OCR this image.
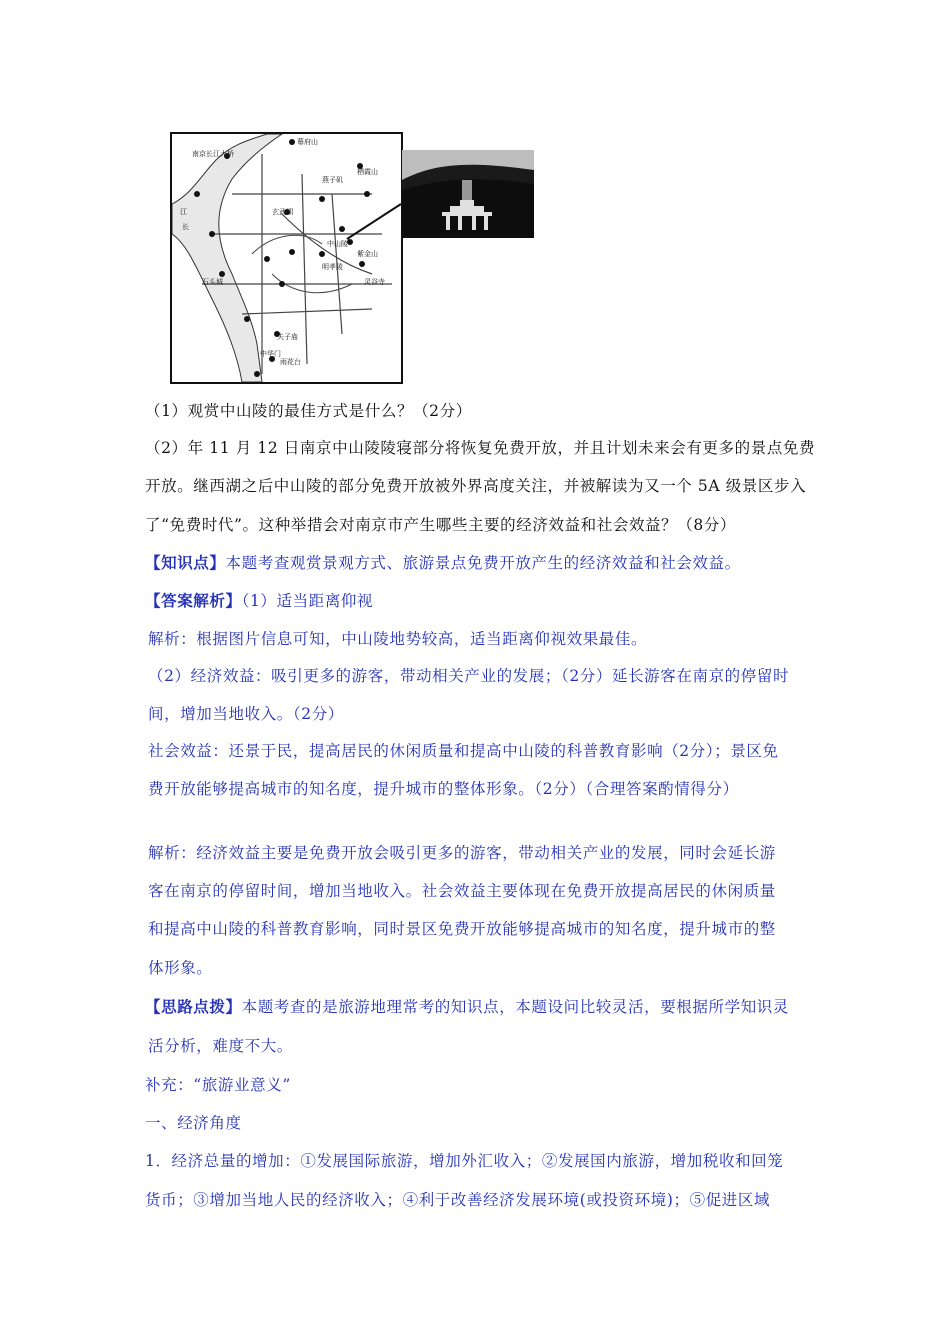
幕府山
燕子矶
南京长江大桥
栖霞山
玄武湖
中山陵
明孝陵
紫金山
雨花台
夫子庙
中华门
江
长
灵谷寺
石头城
（1）观赏中山陵的最佳方式是什么？（2分）
（2）年 11 月 12 日南京中山陵陵寝部分将恢复免费开放，并且计划未来会有更多的景点免费
开放。继西湖之后中山陵的部分免费开放被外界高度关注，并被解读为又一个 5A 级景区步入
了“免费时代”。这种举措会对南京市产生哪些主要的经济效益和社会效益？（8分）
【知识点】本题考查观赏景观方式、旅游景点免费开放产生的经济效益和社会效益。
【答案解析】（1）适当距离仰视
解析：根据图片信息可知，中山陵地势较高，适当距离仰视效果最佳。
（2）经济效益：吸引更多的游客，带动相关产业的发展；（2分）延长游客在南京的停留时
间，增加当地收入。（2分）
社会效益：还景于民，提高居民的休闲质量和提高中山陵的科普教育影响（2分）；景区免
费开放能够提高城市的知名度，提升城市的整体形象。（2分）（合理答案酌情得分）
解析：经济效益主要是免费开放会吸引更多的游客，带动相关产业的发展，同时会延长游
客在南京的停留时间，增加当地收入。社会效益主要体现在免费开放提高居民的休闲质量
和提高中山陵的科普教育影响，同时景区免费开放能够提高城市的知名度，提升城市的整
体形象。
【思路点拨】本题考查的是旅游地理常考的知识点，本题设问比较灵活，要根据所学知识灵
活分析，难度不大。
补充：“旅游业意义”
一、经济角度
1．经济总量的增加：①发展国际旅游，增加外汇收入；②发展国内旅游，增加税收和回笼
货币；③增加当地人民的经济收入；④利于改善经济发展环境(或投资环境)；⑤促进区域
